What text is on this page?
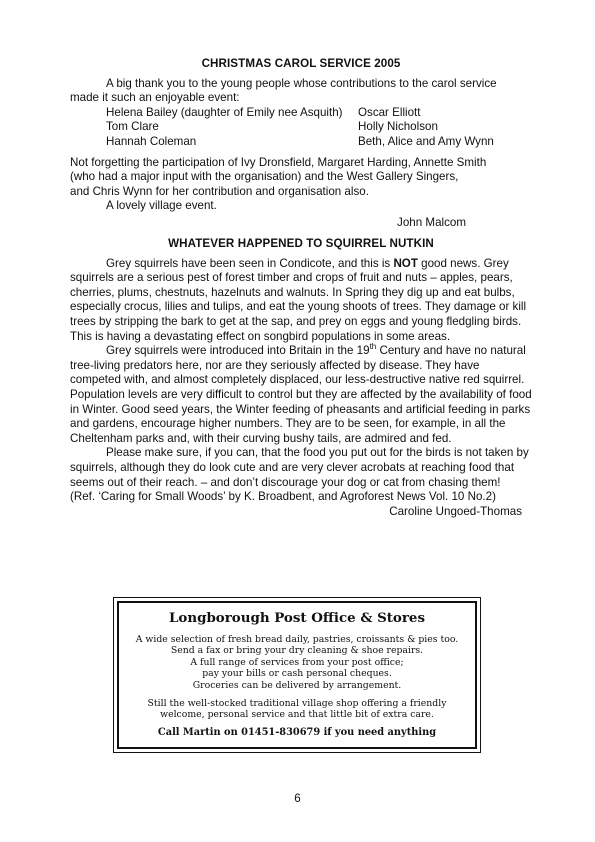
CHRISTMAS CAROL SERVICE 2005

A big thank you to the young people whose contributions to the carol service

made it such an enjoyable event:

Helena Bailey (daughter of Emily nee Asquith)	Oscar Elliott
Tom Clare	Holly Nicholson
Hannah Coleman	Beth, Alice and Amy Wynn

Not forgetting the participation of Ivy Dronsfield, Margaret Harding, Annette Smith

(who had a major input with the organisation) and the West Gallery Singers,

and Chris Wynn for her contribution and organisation also.

A lovely village event.

John Malcom

WHATEVER HAPPENED TO SQUIRREL NUTKIN

Grey squirrels have been seen in Condicote, and this is NOT good news. Grey squirrels are a serious pest of forest timber and crops of fruit and nuts – apples, pears, cherries, plums, chestnuts, hazelnuts and walnuts. In Spring they dig up and eat bulbs, especially crocus, lilies and tulips, and eat the young shoots of trees. They damage or kill trees by stripping the bark to get at the sap, and prey on eggs and young fledgling birds. This is having a devastating effect on songbird populations in some areas.

Grey squirrels were introduced into Britain in the 19th Century and have no natural tree-living predators here, nor are they seriously affected by disease. They have competed with, and almost completely displaced, our less-destructive native red squirrel. Population levels are very difficult to control but they are affected by the availability of food in Winter. Good seed years, the Winter feeding of pheasants and artificial feeding in parks and gardens, encourage higher numbers. They are to be seen, for example, in all the Cheltenham parks and, with their curving bushy tails, are admired and fed.

Please make sure, if you can, that the food you put out for the birds is not taken by squirrels, although they do look cute and are very clever acrobats at reaching food that seems out of their reach. – and don’t discourage your dog or cat from chasing them!

(Ref. ‘Caring for Small Woods’ by K. Broadbent, and Agroforest News Vol. 10 No.2)

Caroline Ungoed-Thomas

Longborough Post Office & Stores
A wide selection of fresh bread daily, pastries, croissants & pies too.
Send a fax or bring your dry cleaning & shoe repairs.
A full range of services from your post office;
pay your bills or cash personal cheques.
Groceries can be delivered by arrangement.
Still the well-stocked traditional village shop offering a friendly
welcome, personal service and that little bit of extra care.
Call Martin on 01451-830679 if you need anything
6
